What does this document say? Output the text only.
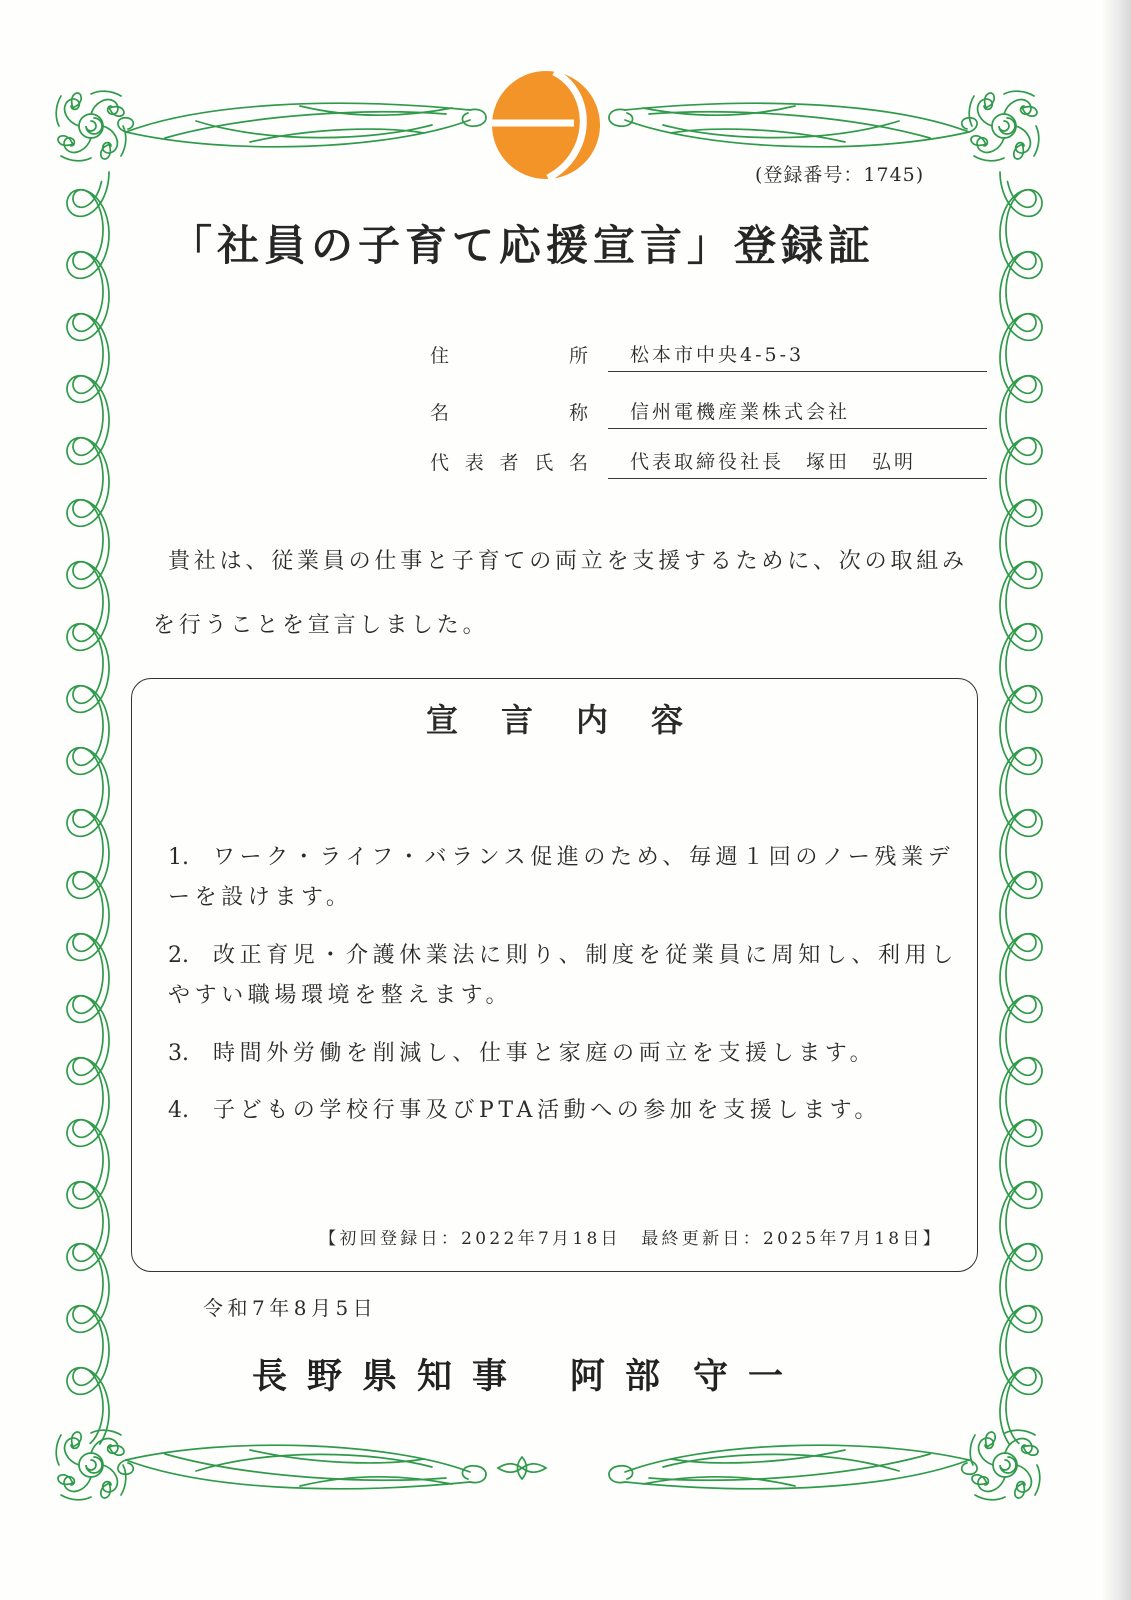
(登録番号：1745)
「社員の子育て応援宣言」登録証
住	所	松本市中央4-5-3
名	称	信州電機産業株式会社
代 表 者 氏 名	代表取締役社長　塚田　弘明
貴社は、従業員の仕事と子育ての両立を支援するために、次の取組み
を行うことを宣言しました。
宣言内容
1. ワーク・ライフ・バランス促進のため、毎週１回のノー残業デ
ーを設けます。
2. 改正育児・介護休業法に則り、制度を従業員に周知し、利用し
やすい職場環境を整えます。
3. 時間外労働を削減し、仕事と家庭の両立を支援します。
4. 子どもの学校行事及びPTA活動への参加を支援します。
【初回登録日：2022年7月18日　最終更新日：2025年7月18日】
令和7年8月5日
長野県知事 阿部 守一
